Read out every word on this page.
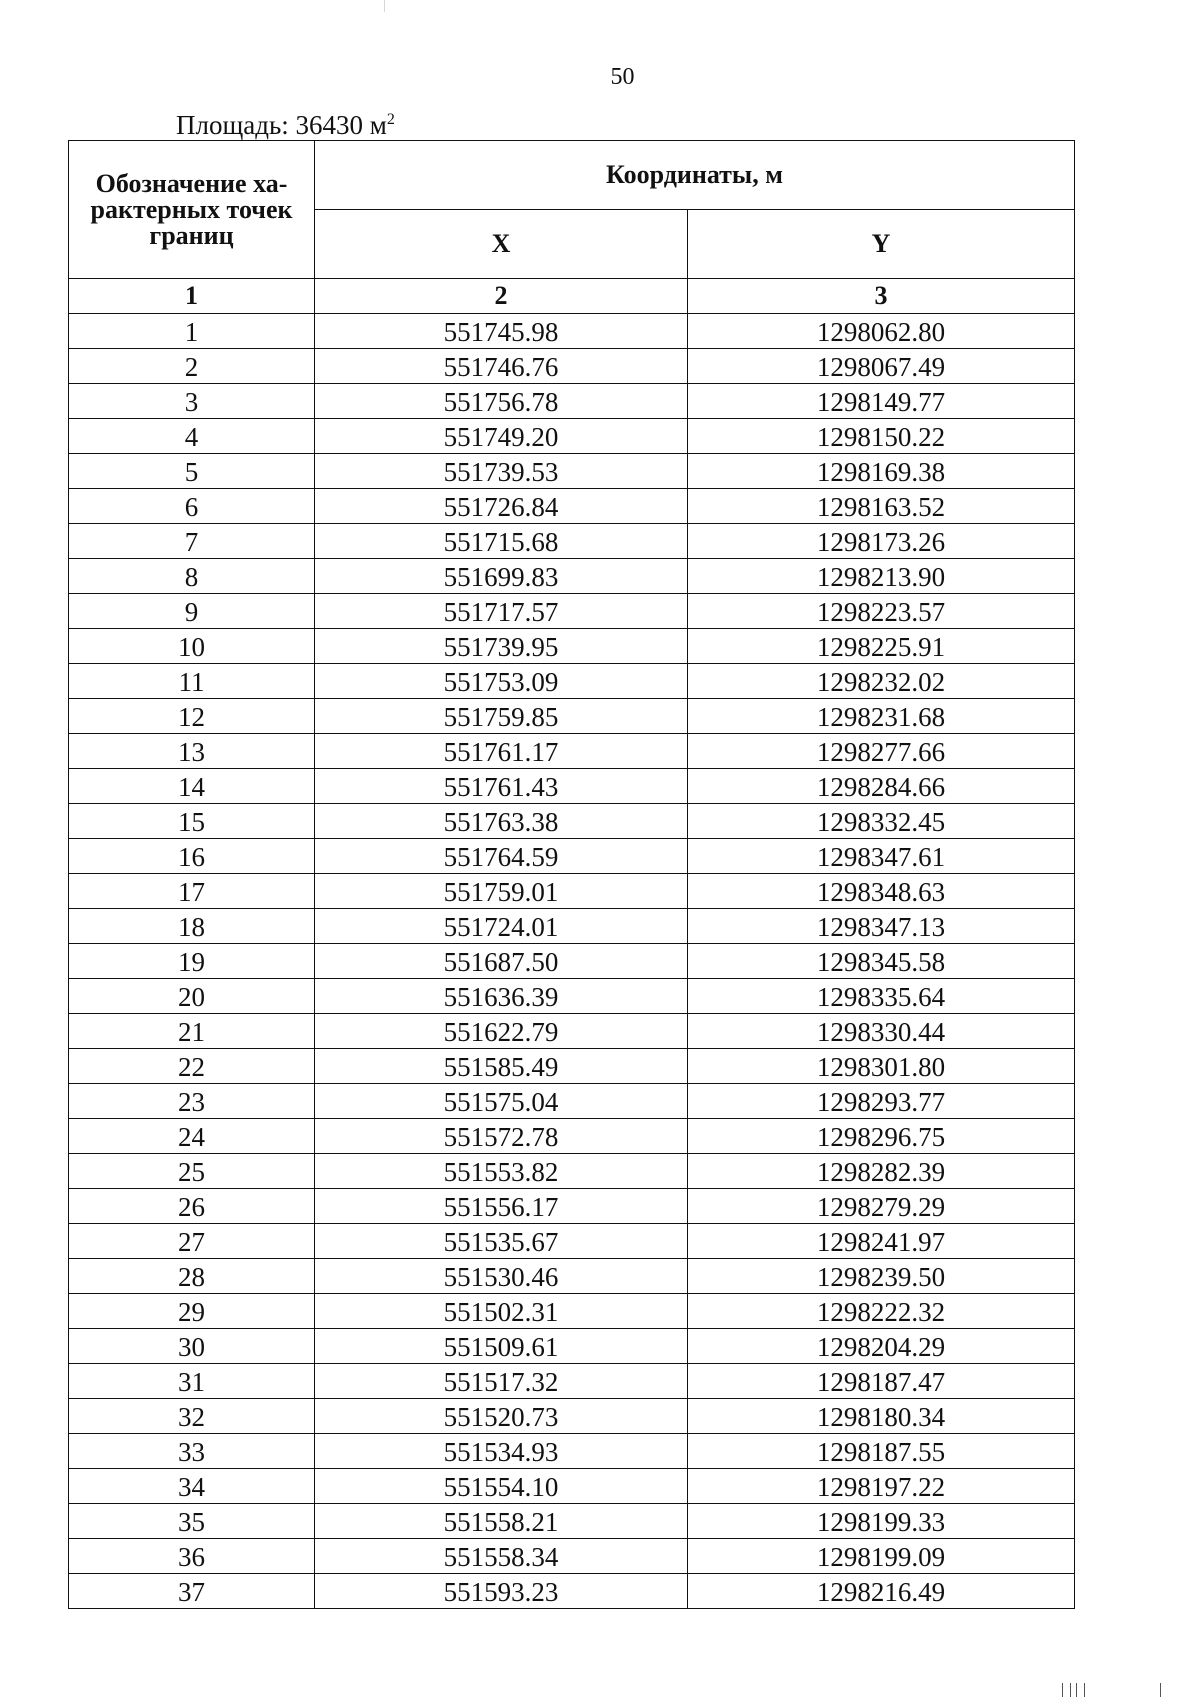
50
Площадь: 36430 $м^2$
Обозначение ха-рактерных точек границ	Координаты, м	
	X	Y
1	2	3
1	551745.98	1298062.80
2	551746.76	1298067.49
3	551756.78	1298149.77
4	551749.20	1298150.22
5	551739.53	1298169.38
6	551726.84	1298163.52
7	551715.68	1298173.26
8	551699.83	1298213.90
9	551717.57	1298223.57
10	551739.95	1298225.91
11	551753.09	1298232.02
12	551759.85	1298231.68
13	551761.17	1298277.66
14	551761.43	1298284.66
15	551763.38	1298332.45
16	551764.59	1298347.61
17	551759.01	1298348.63
18	551724.01	1298347.13
19	551687.50	1298345.58
20	551636.39	1298335.64
21	551622.79	1298330.44
22	551585.49	1298301.80
23	551575.04	1298293.77
24	551572.78	1298296.75
25	551553.82	1298282.39
26	551556.17	1298279.29
27	551535.67	1298241.97
28	551530.46	1298239.50
29	551502.31	1298222.32
30	551509.61	1298204.29
31	551517.32	1298187.47
32	551520.73	1298180.34
33	551534.93	1298187.55
34	551554.10	1298197.22
35	551558.21	1298199.33
36	551558.34	1298199.09
37	551593.23	1298216.49
